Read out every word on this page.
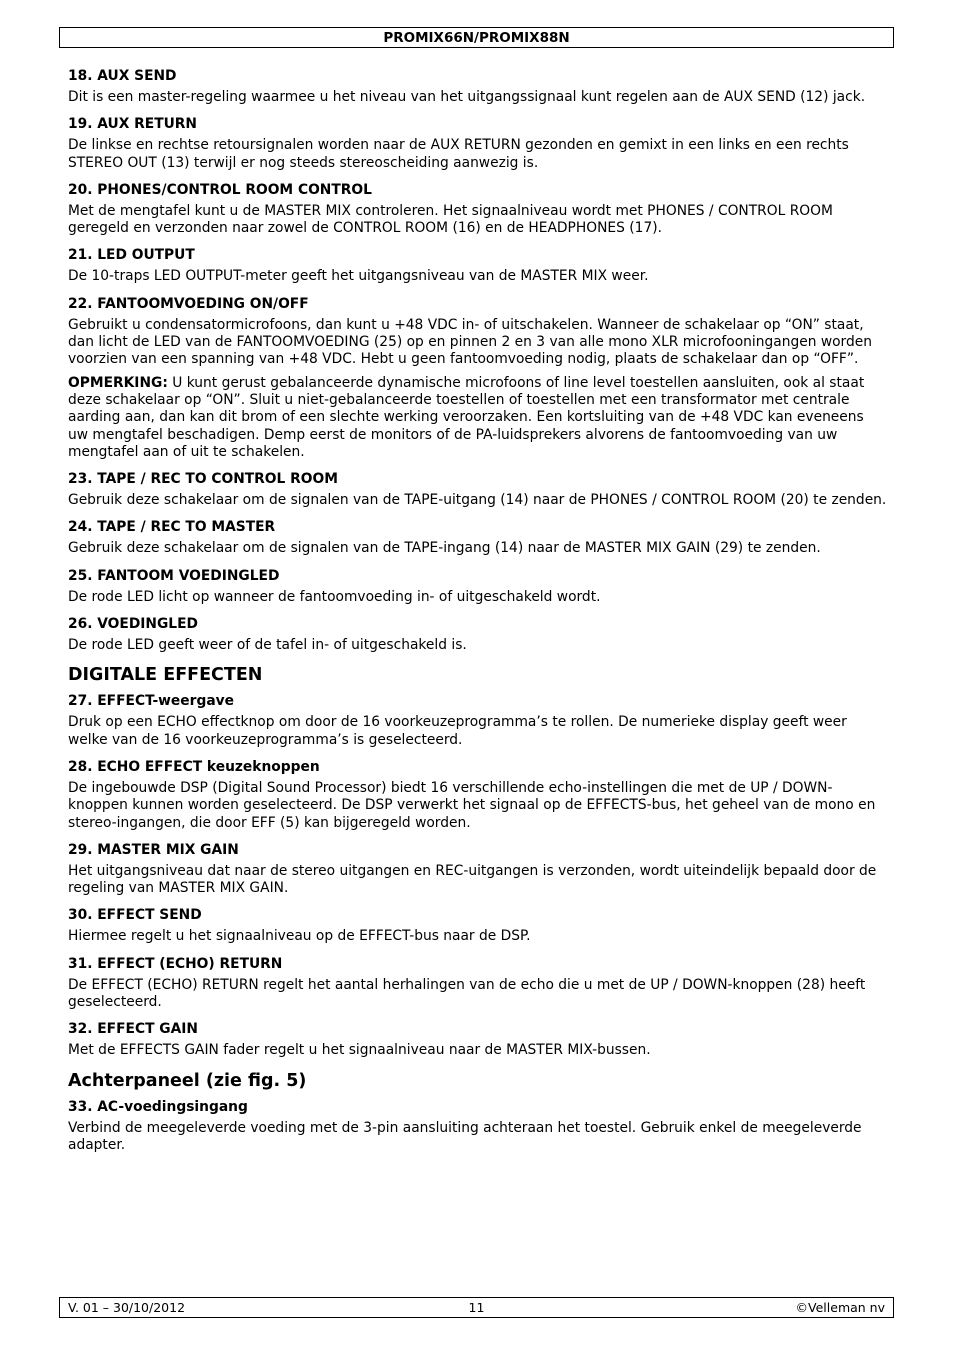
PROMIX66N/PROMIX88N

18. AUX SEND

Dit is een master-regeling waarmee u het niveau van het uitgangssignaal kunt regelen aan de AUX SEND (12) jack.

19. AUX RETURN

De linkse en rechtse retoursignalen worden naar de AUX RETURN gezonden en gemixt in een links en een rechts STEREO OUT (13) terwijl er nog steeds stereoscheiding aanwezig is.

20. PHONES/CONTROL ROOM CONTROL

Met de mengtafel kunt u de MASTER MIX controleren. Het signaalniveau wordt met PHONES / CONTROL ROOM geregeld en verzonden naar zowel de CONTROL ROOM (16) en de HEADPHONES (17).

21. LED OUTPUT

De 10-traps LED OUTPUT-meter geeft het uitgangsniveau van de MASTER MIX weer.

22. FANTOOMVOEDING ON/OFF

Gebruikt u condensatormicrofoons, dan kunt u +48 VDC in- of uitschakelen. Wanneer de schakelaar op “ON” staat, dan licht de LED van de FANTOOMVOEDING (25) op en pinnen 2 en 3 van alle mono XLR microfooningangen worden voorzien van een spanning van +48 VDC. Hebt u geen fantoomvoeding nodig, plaats de schakelaar dan op “OFF”.

OPMERKING: U kunt gerust gebalanceerde dynamische microfoons of line level toestellen aansluiten, ook al staat deze schakelaar op “ON”. Sluit u niet-gebalanceerde toestellen of toestellen met een transformator met centrale aarding aan, dan kan dit brom of een slechte werking veroorzaken. Een kortsluiting van de +48 VDC kan eveneens uw mengtafel beschadigen. Demp eerst de monitors of de PA-luidsprekers alvorens de fantoomvoeding van uw mengtafel aan of uit te schakelen.

23. TAPE / REC TO CONTROL ROOM

Gebruik deze schakelaar om de signalen van de TAPE-uitgang (14) naar de PHONES / CONTROL ROOM (20) te zenden.

24. TAPE / REC TO MASTER

Gebruik deze schakelaar om de signalen van de TAPE-ingang (14) naar de MASTER MIX GAIN (29) te zenden.

25. FANTOOM VOEDINGLED

De rode LED licht op wanneer de fantoomvoeding in- of uitgeschakeld wordt.

26. VOEDINGLED

De rode LED geeft weer of de tafel in- of uitgeschakeld is.

DIGITALE EFFECTEN

27. EFFECT-weergave

Druk op een ECHO effectknop om door de 16 voorkeuzeprogramma’s te rollen. De numerieke display geeft weer welke van de 16 voorkeuzeprogramma’s is geselecteerd.

28. ECHO EFFECT keuzeknoppen

De ingebouwde DSP (Digital Sound Processor) biedt 16 verschillende echo-instellingen die met de UP / DOWN-knoppen kunnen worden geselecteerd. De DSP verwerkt het signaal op de EFFECTS-bus, het geheel van de mono en stereo-ingangen, die door EFF (5) kan bijgeregeld worden.

29. MASTER MIX GAIN

Het uitgangsniveau dat naar de stereo uitgangen en REC-uitgangen is verzonden, wordt uiteindelijk bepaald door de regeling van MASTER MIX GAIN.

30. EFFECT SEND

Hiermee regelt u het signaalniveau op de EFFECT-bus naar de DSP.

31. EFFECT (ECHO) RETURN

De EFFECT (ECHO) RETURN regelt het aantal herhalingen van de echo die u met de UP / DOWN-knoppen (28) heeft geselecteerd.

32. EFFECT GAIN

Met de EFFECTS GAIN fader regelt u het signaalniveau naar de MASTER MIX-bussen.

Achterpaneel (zie fig. 5)

33. AC-voedingsingang

Verbind de meegeleverde voeding met de 3-pin aansluiting achteraan het toestel. Gebruik enkel de meegeleverde adapter.

V. 01 – 30/10/2012	11	©Velleman nv
